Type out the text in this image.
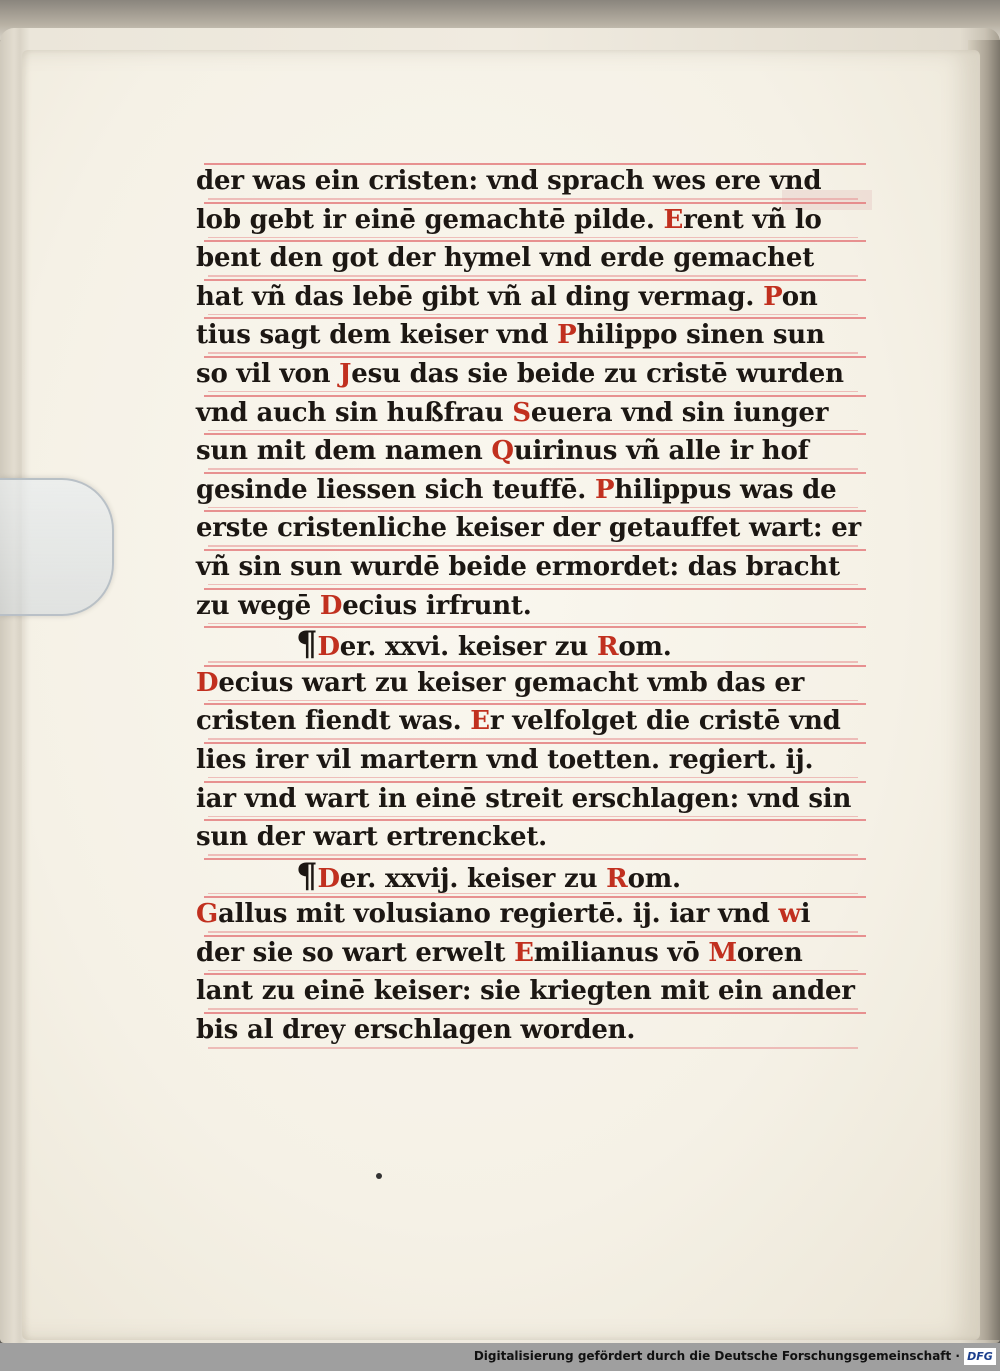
der was ein cristen: vnd sprach wes ere vnd
lob gebt ir einē gemachtē pilde. Erent vñ lo
bent den got der hymel vnd erde gemachet
hat vñ das lebē gibt vñ al ding vermag. Pon
tius sagt dem keiser vnd Philippo sinen sun
so vil von Jesu das sie beide zu cristē wurden
vnd auch sin hußfrau Seuera vnd sin iunger
sun mit dem namen Quirinus vñ alle ir hof
gesinde liessen sich teuffē. Philippus was de
erste cristenliche keiser der getauffet wart: er
vñ sin sun wurdē beide ermordet: das bracht
zu wegē Decius irfrunt.
¶Der. xxvi. keiser zu Rom.
Decius wart zu keiser gemacht vmb das er
cristen fiendt was. Er velfolget die cristē vnd
lies irer vil martern vnd toetten. regiert. ij.
iar vnd wart in einē streit erschlagen: vnd sin
sun der wart ertrencket.
¶Der. xxvij. keiser zu Rom.
Gallus mit volusiano regiertē. ij. iar vnd wi
der sie so wart erwelt Emilianus vō Moren
lant zu einē keiser: sie kriegten mit ein ander
bis al drey erschlagen worden.
Digitalisierung gefördert durch die Deutsche Forschungsgemeinschaft · DFG
